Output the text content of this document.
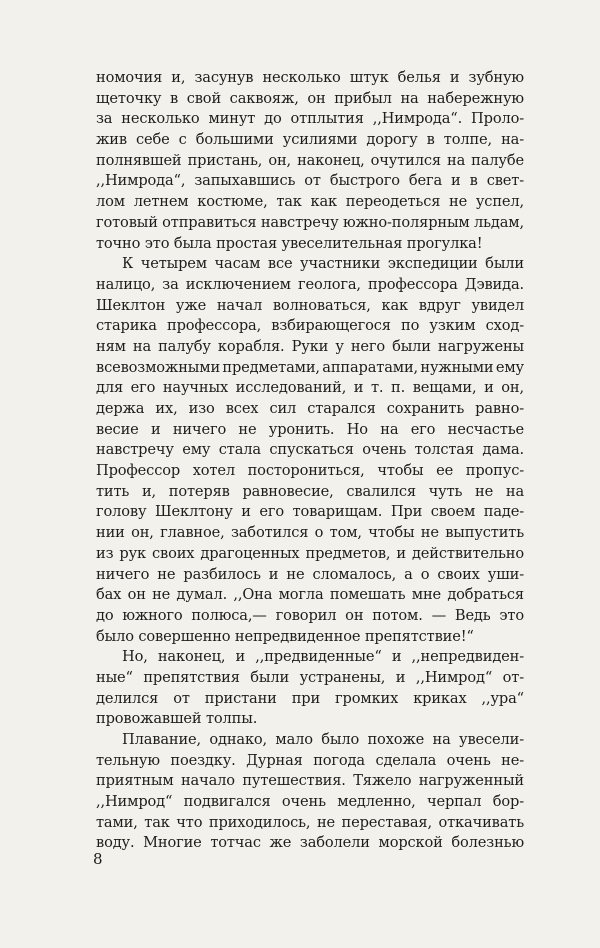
номочия и, засунув несколько штук белья и зубную
щеточку в свой саквояж, он прибыл на набережную
за несколько минут до отплытия ,,Нимрода“. Проло-
жив себе с большими усилиями дорогу в толпе, на-
полнявшей пристань, он, наконец, очутился на палубе
,,Нимрода“, запыхавшись от быстрого бега и в свет-
лом летнем костюме, так как переодеться не успел,
готовый отправиться навстречу южно-полярным льдам,
точно это была простая увеселительная прогулка!
К четырем часам все участники экспедиции были
налицо, за исключением геолога, профессора Дэвида.
Шеклтон уже начал волноваться, как вдруг увидел
старика профессора, взбирающегося по узким сход-
ням на палубу корабля. Руки у него были нагружены
всевозможными предметами, аппаратами, нужными ему
для его научных исследований, и т. п. вещами, и он,
держа их, изо всех сил старался сохранить равно-
весие и ничего не уронить. Но на его несчастье
навстречу ему стала спускаться очень толстая дама.
Профессор хотел посторониться, чтобы ее пропус-
тить и, потеряв равновесие, свалился чуть не на
голову Шеклтону и его товарищам. При своем паде-
нии он, главное, заботился о том, чтобы не выпустить
из рук своих драгоценных предметов, и действительно
ничего не разбилось и не сломалось, а о своих уши-
бах он не думал. ,,Она могла помешать мне добраться
до южного полюса,— говорил он потом. — Ведь это
было совершенно непредвиденное препятствие!“
Но, наконец, и ,,предвиденные“ и ,,непредвиден-
ные“ препятствия были устранены, и ,,Нимрод“ от-
делился от пристани при громких криках ,,ура“
провожавшей толпы.
Плавание, однако, мало было похоже на увесели-
тельную поездку. Дурная погода сделала очень не-
приятным начало путешествия. Тяжело нагруженный
,,Нимрод“ подвигался очень медленно, черпал бор-
тами, так что приходилось, не переставая, откачивать
воду. Многие тотчас же заболели морской болезнью
8
